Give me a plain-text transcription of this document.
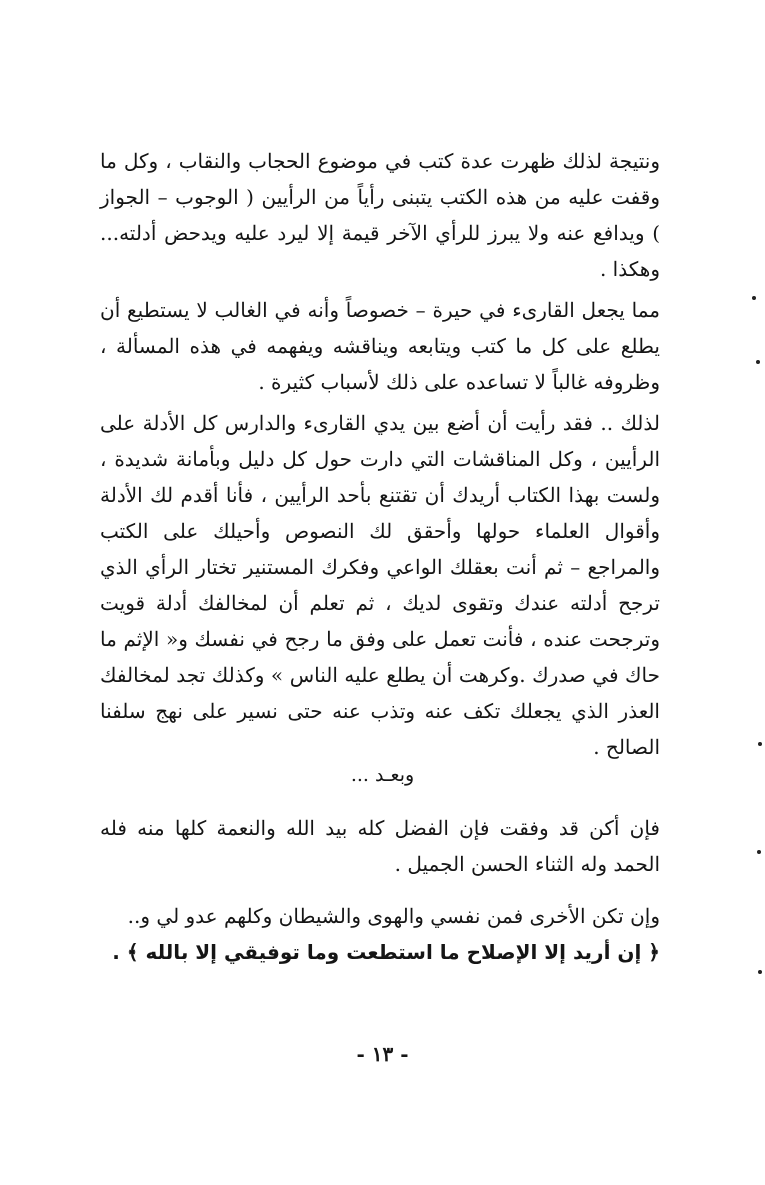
ونتيجة لذلك ظهرت عدة كتب في موضوع الحجاب والنقاب ، وكل ما وقفت عليه من هذه الكتب يتبنى رأياً من الرأيين ( الوجوب – الجواز ) ويدافع عنه ولا يبرز للرأي الآخر قيمة إلا ليرد عليه ويدحض أدلته... وهكذا .
مما يجعل القارىء في حيرة – خصوصاً وأنه في الغالب لا يستطيع أن يطلع على كل ما كتب ويتابعه ويناقشه ويفهمه في هذه المسألة ، وظروفه غالباً لا تساعده على ذلك لأسباب كثيرة .
لذلك .. فقد رأيت أن أضع بين يدي القارىء والدارس كل الأدلة على الرأيين ، وكل المناقشات التي دارت حول كل دليل وبأمانة شديدة ، ولست بهذا الكتاب أريدك أن تقتنع بأحد الرأيين ، فأنا أقدم لك الأدلة وأقوال العلماء حولها وأحقق لك النصوص وأحيلك على الكتب والمراجع – ثم أنت بعقلك الواعي وفكرك المستنير تختار الرأي الذي ترجح أدلته عندك وتقوى لديك ، ثم تعلم أن لمخالفك أدلة قويت وترجحت عنده ، فأنت تعمل على وفق ما رجح في نفسك و« الإثم ما حاك في صدرك .وكرهت أن يطلع عليه الناس » وكذلك تجد لمخالفك العذر الذي يجعلك تكف عنه وتذب عنه حتى نسير على نهج سلفنا الصالح .
وبعـد ...
فإن أكن قد وفقت فإن الفضل كله بيد الله والنعمة كلها منه فله الحمد وله الثناء الحسن الجميل .
وإن تكن الأخرى فمن نفسي والهوى والشيطان وكلهم عدو لي و..
﴿ إن أريد إلا الإصلاح ما استطعت وما توفيقي إلا بالله ﴾ .
- ١٣ -
